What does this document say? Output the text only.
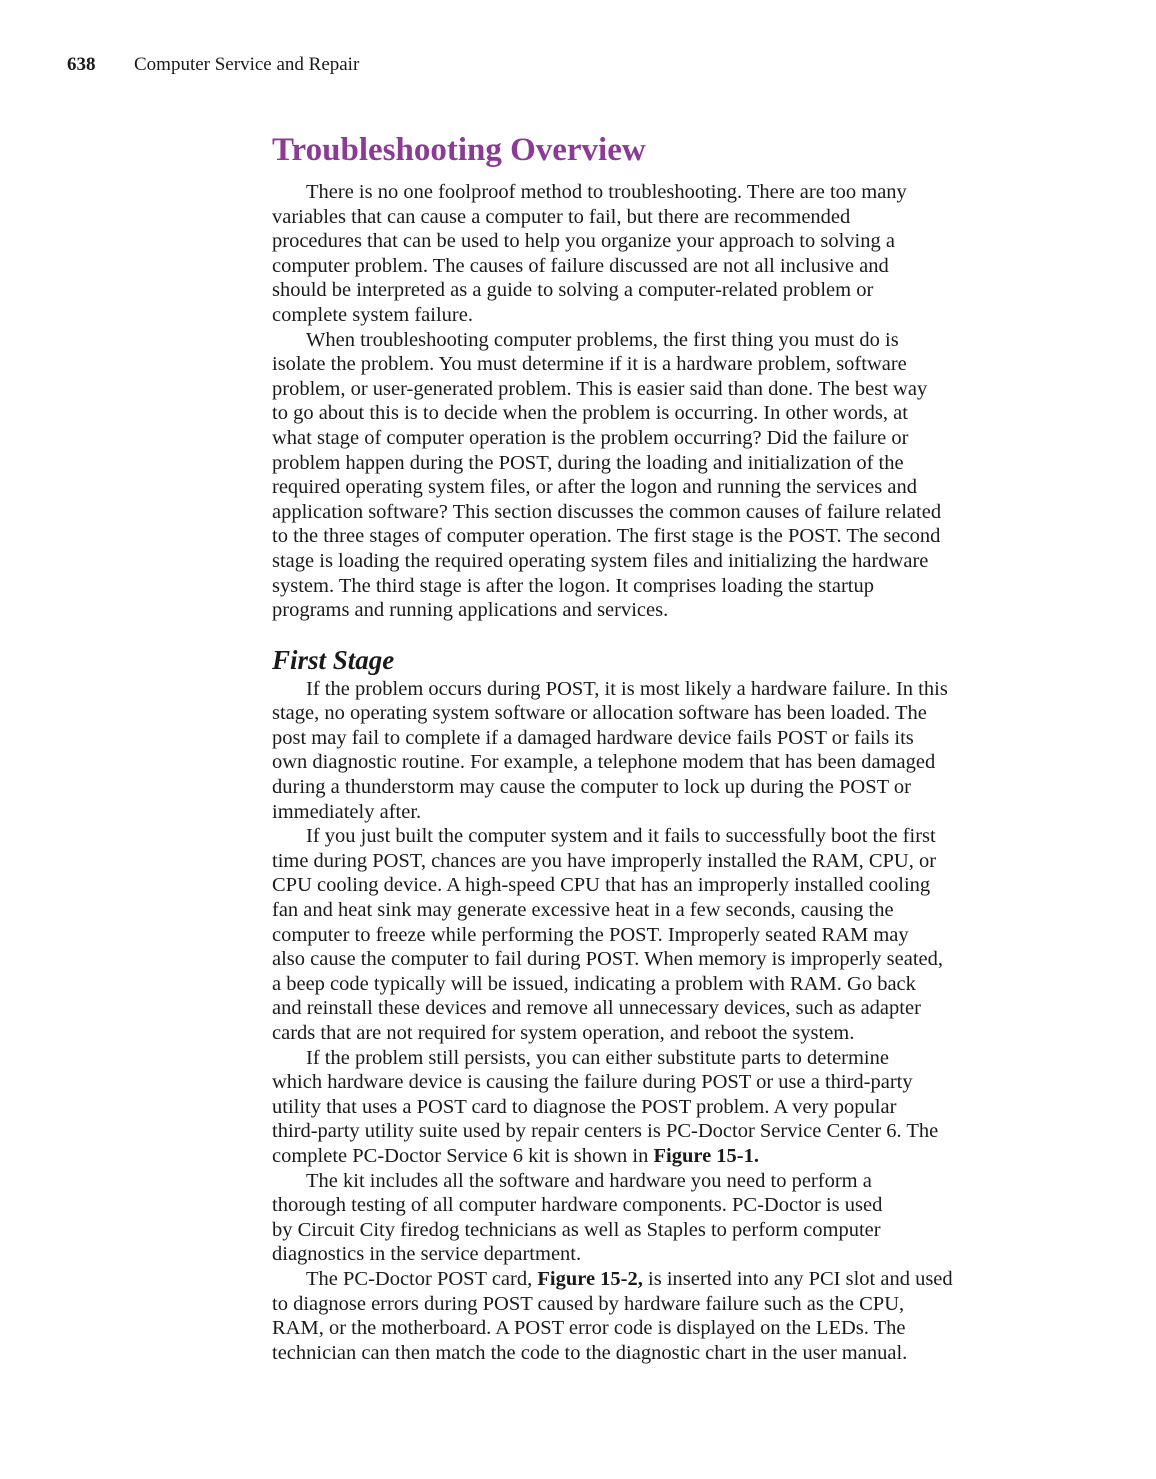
638 Computer Service and Repair
Troubleshooting Overview

There is no one foolproof method to troubleshooting. There are too many
variables that can cause a computer to fail, but there are recommended
procedures that can be used to help you organize your approach to solving a
computer problem. The causes of failure discussed are not all inclusive and
should be interpreted as a guide to solving a computer-related problem or
complete system failure.

When troubleshooting computer problems, the first thing you must do is
isolate the problem. You must determine if it is a hardware problem, software
problem, or user-generated problem. This is easier said than done. The best way
to go about this is to decide when the problem is occurring. In other words, at
what stage of computer operation is the problem occurring? Did the failure or
problem happen during the POST, during the loading and initialization of the
required operating system files, or after the logon and running the services and
application software? This section discusses the common causes of failure related
to the three stages of computer operation. The first stage is the POST. The second
stage is loading the required operating system files and initializing the hardware
system. The third stage is after the logon. It comprises loading the startup
programs and running applications and services.

First Stage

If the problem occurs during POST, it is most likely a hardware failure. In this
stage, no operating system software or allocation software has been loaded. The
post may fail to complete if a damaged hardware device fails POST or fails its
own diagnostic routine. For example, a telephone modem that has been damaged
during a thunderstorm may cause the computer to lock up during the POST or
immediately after.

If you just built the computer system and it fails to successfully boot the first
time during POST, chances are you have improperly installed the RAM, CPU, or
CPU cooling device. A high-speed CPU that has an improperly installed cooling
fan and heat sink may generate excessive heat in a few seconds, causing the
computer to freeze while performing the POST. Improperly seated RAM may
also cause the computer to fail during POST. When memory is improperly seated,
a beep code typically will be issued, indicating a problem with RAM. Go back
and reinstall these devices and remove all unnecessary devices, such as adapter
cards that are not required for system operation, and reboot the system.

If the problem still persists, you can either substitute parts to determine
which hardware device is causing the failure during POST or use a third-party
utility that uses a POST card to diagnose the POST problem. A very popular
third-party utility suite used by repair centers is PC-Doctor Service Center 6. The
complete PC-Doctor Service 6 kit is shown in Figure 15-1.

The kit includes all the software and hardware you need to perform a
thorough testing of all computer hardware components. PC-Doctor is used
by Circuit City firedog technicians as well as Staples to perform computer
diagnostics in the service department.

The PC-Doctor POST card, Figure 15-2, is inserted into any PCI slot and used
to diagnose errors during POST caused by hardware failure such as the CPU,
RAM, or the motherboard. A POST error code is displayed on the LEDs. The
technician can then match the code to the diagnostic chart in the user manual.
